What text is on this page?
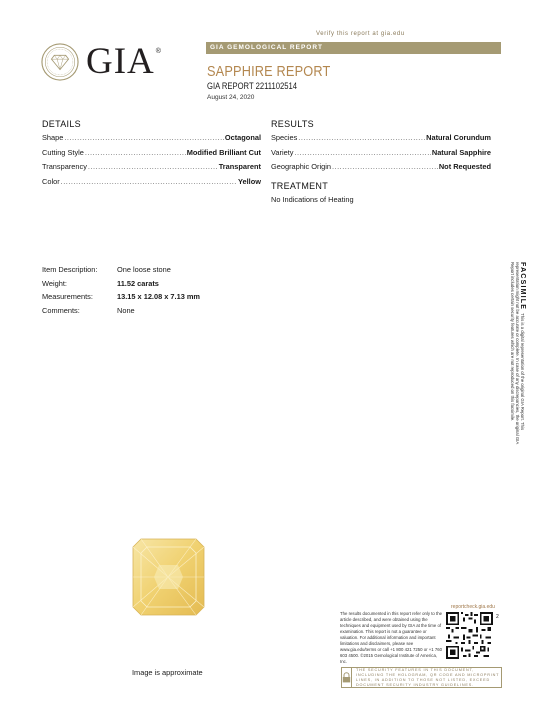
Verify this report at gia.edu
GIA ®	GIA GEMOLOGICAL REPORT
SAPPHIRE REPORT
GIA REPORT 2211102514
August 24, 2020
DETAILS
Shape .....	Octagonal
Cutting Style .....	Modified Brilliant Cut
Transparency .....	Transparent
Color .....	Yellow
RESULTS
Species .....	Natural Corundum
Variety .....	Natural Sapphire
Geographic Origin .....	Not Requested
TREATMENT
No Indications of Heating
Item Description:	One loose stone
Weight:	11.52 carats
Measurements:	13.15 x 12.08 x 7.13 mm
Comments:	None
FACSIMILEThis is a digital representation of the original GIA Report. This representation might not be accurate or complete. In case of any discrepancies, the original GIA Report includes certain security features which are not reproduced on this facsimile.
Image is approximate
The results documented in this report refer only to the article described, and were obtained using the techniques and equipment used by GIA at the time of examination. This report is not a guarantee or valuation. For additional information and important limitations and disclaimers, please see www.gia.edu/terms or call +1 800 421 7250 or +1 760 603 4500. ©2015 Gemological Institute of America, Inc.
reportcheck.gia.edu
2
THE SECURITY FEATURES IN THIS DOCUMENT, INCLUDING THE HOLOGRAM, QR CODE AND MICROPRINT LINES, IN ADDITION TO THOSE NOT LISTED, EXCEED DOCUMENT SECURITY INDUSTRY GUIDELINES.
